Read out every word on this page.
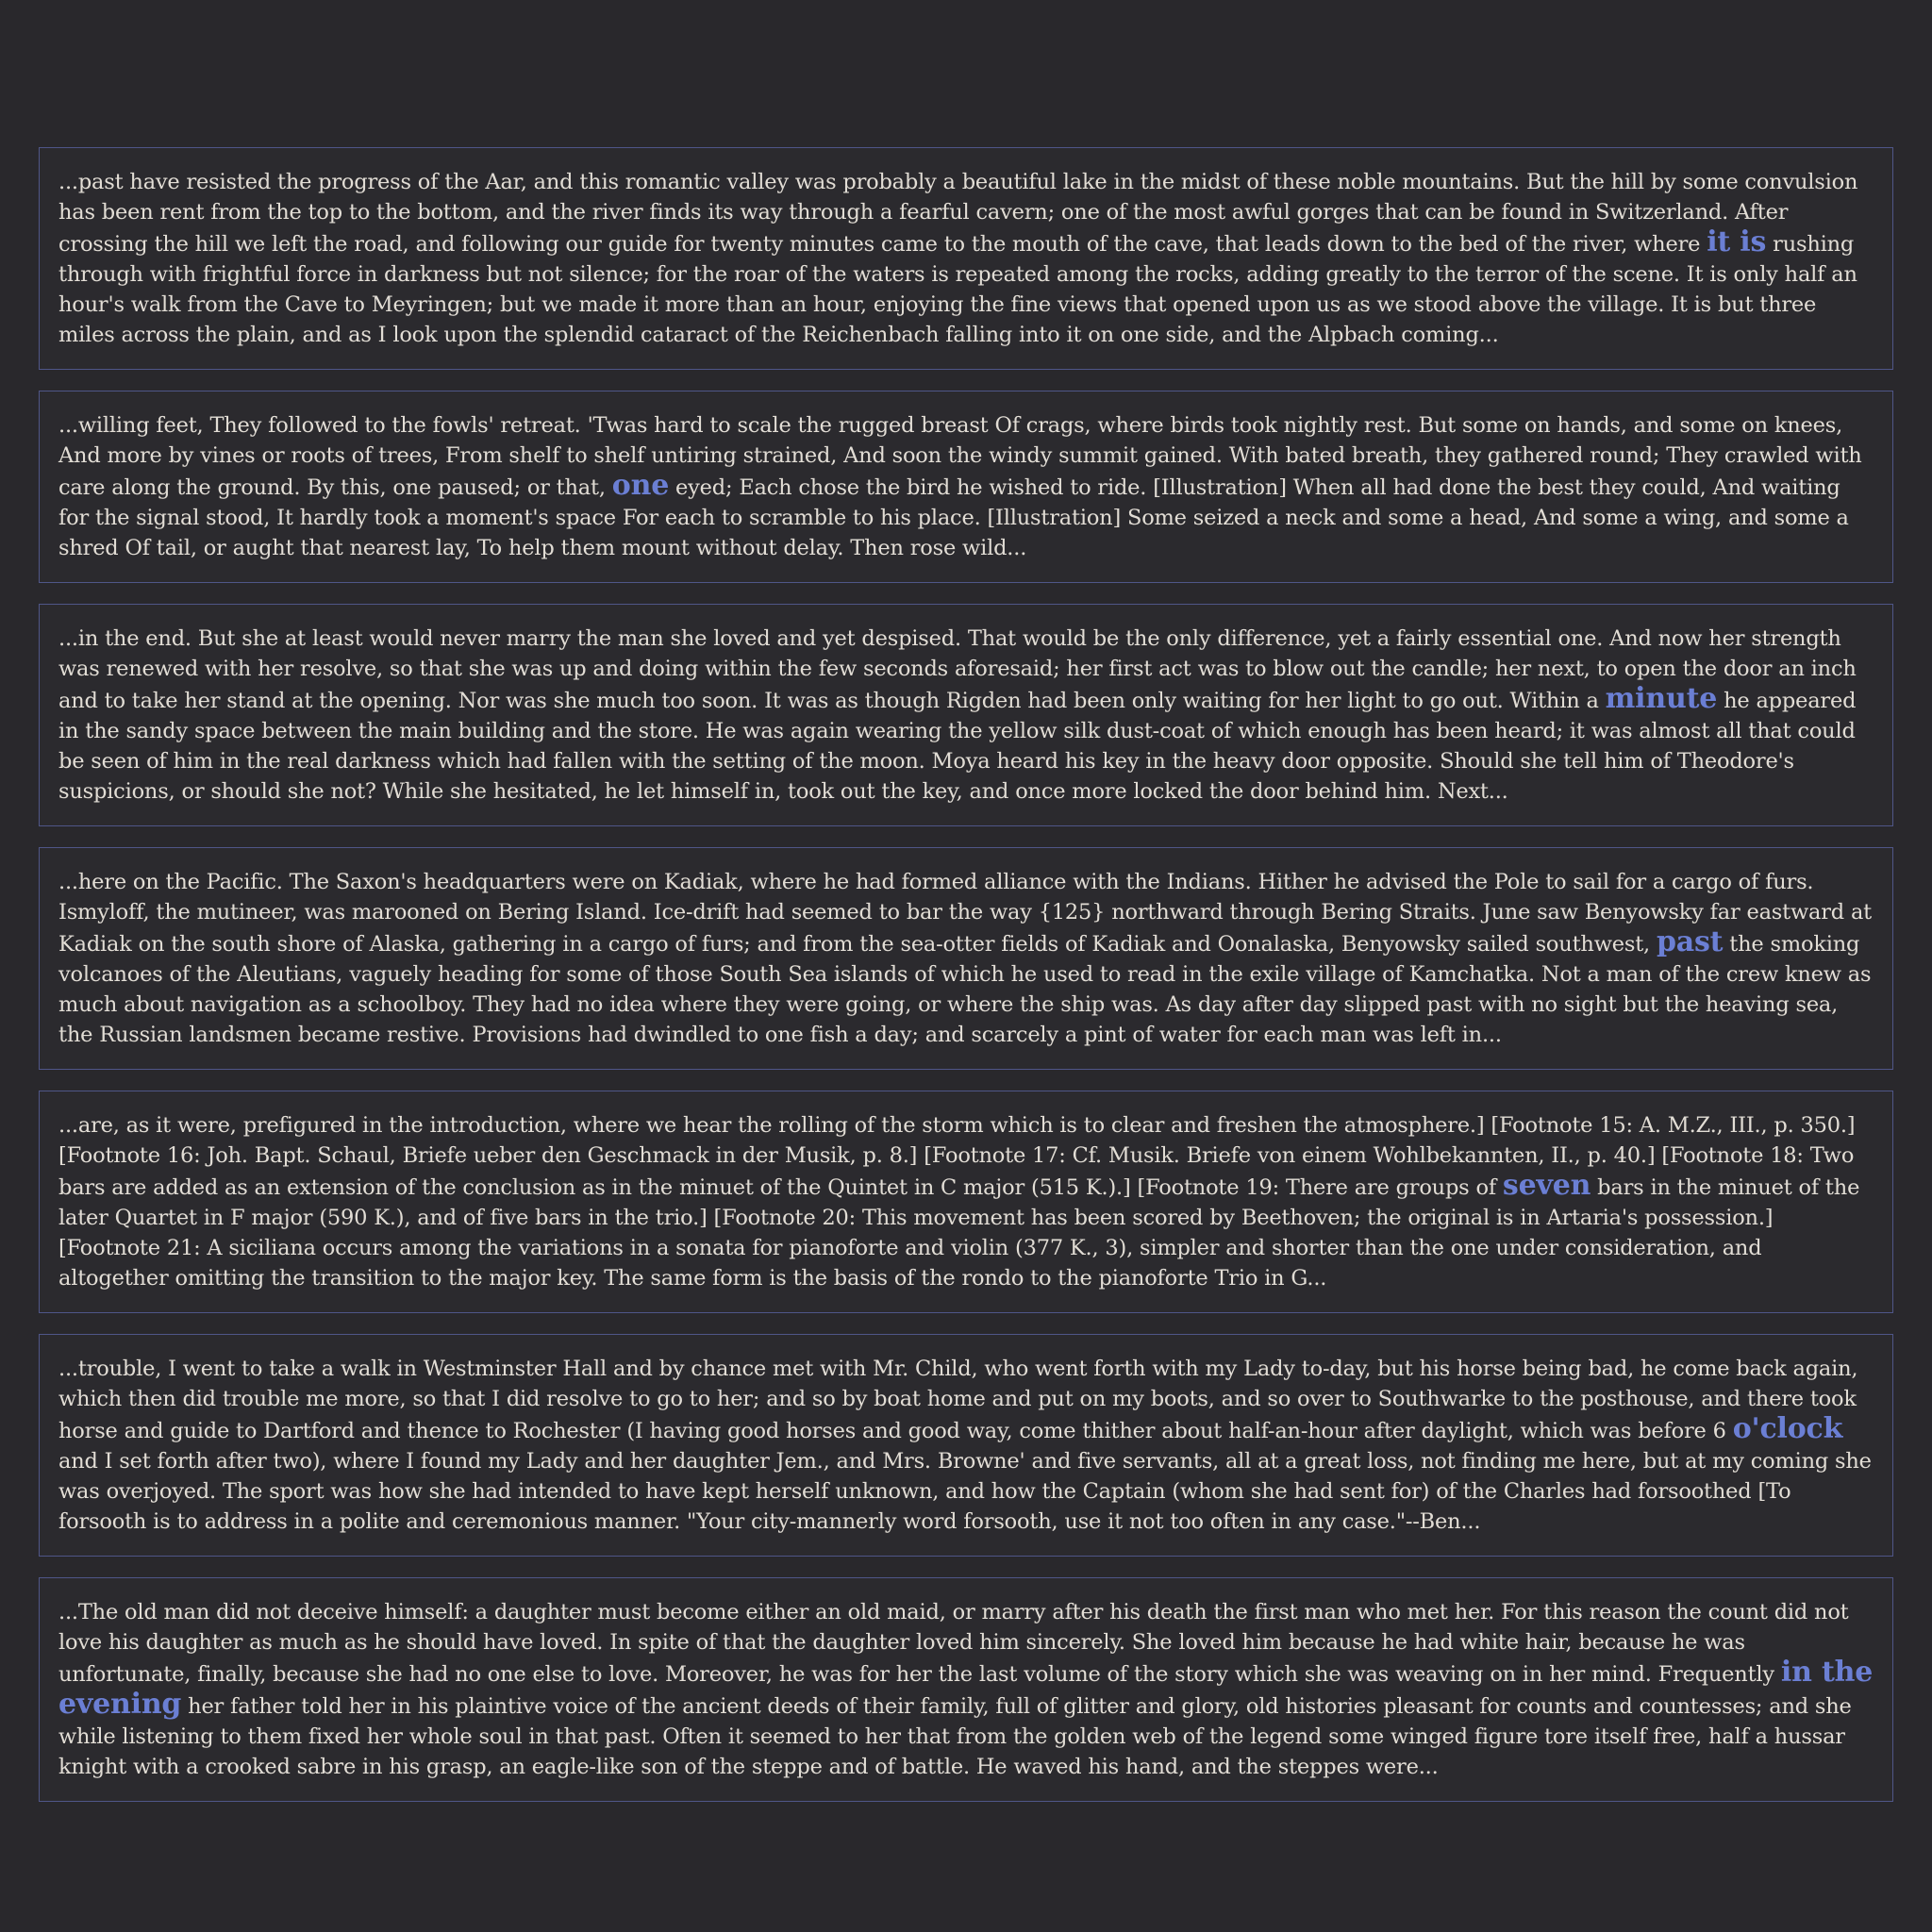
...past have resisted the progress of the Aar, and this romantic valley was probably a beautiful lake in the midst of these noble mountains. But the hill by some convulsion has been rent from the top to the bottom, and the river finds its way through a fearful cavern; one of the most awful gorges that can be found in Switzerland. After crossing the hill we left the road, and following our guide for twenty minutes came to the mouth of the cave, that leads down to the bed of the river, where it is rushing through with frightful force in darkness but not silence; for the roar of the waters is repeated among the rocks, adding greatly to the terror of the scene. It is only half an hour's walk from the Cave to Meyringen; but we made it more than an hour, enjoying the fine views that opened upon us as we stood above the village. It is but three miles across the plain, and as I look upon the splendid cataract of the Reichenbach falling into it on one side, and the Alpbach coming...
...willing feet, They followed to the fowls' retreat. 'Twas hard to scale the rugged breast Of crags, where birds took nightly rest. But some on hands, and some on knees, And more by vines or roots of trees, From shelf to shelf untiring strained, And soon the windy summit gained. With bated breath, they gathered round; They crawled with care along the ground. By this, one paused; or that, one eyed; Each chose the bird he wished to ride. [Illustration] When all had done the best they could, And waiting for the signal stood, It hardly took a moment's space For each to scramble to his place. [Illustration] Some seized a neck and some a head, And some a wing, and some a shred Of tail, or aught that nearest lay, To help them mount without delay. Then rose wild...
...in the end. But she at least would never marry the man she loved and yet despised. That would be the only difference, yet a fairly essential one. And now her strength was renewed with her resolve, so that she was up and doing within the few seconds aforesaid; her first act was to blow out the candle; her next, to open the door an inch and to take her stand at the opening. Nor was she much too soon. It was as though Rigden had been only waiting for her light to go out. Within a minute he appeared in the sandy space between the main building and the store. He was again wearing the yellow silk dust-coat of which enough has been heard; it was almost all that could be seen of him in the real darkness which had fallen with the setting of the moon. Moya heard his key in the heavy door opposite. Should she tell him of Theodore's suspicions, or should she not? While she hesitated, he let himself in, took out the key, and once more locked the door behind him. Next...
...here on the Pacific. The Saxon's headquarters were on Kadiak, where he had formed alliance with the Indians. Hither he advised the Pole to sail for a cargo of furs. Ismyloff, the mutineer, was marooned on Bering Island. Ice-drift had seemed to bar the way {125} northward through Bering Straits. June saw Benyowsky far eastward at Kadiak on the south shore of Alaska, gathering in a cargo of furs; and from the sea-otter fields of Kadiak and Oonalaska, Benyowsky sailed southwest, past the smoking volcanoes of the Aleutians, vaguely heading for some of those South Sea islands of which he used to read in the exile village of Kamchatka. Not a man of the crew knew as much about navigation as a schoolboy. They had no idea where they were going, or where the ship was. As day after day slipped past with no sight but the heaving sea, the Russian landsmen became restive. Provisions had dwindled to one fish a day; and scarcely a pint of water for each man was left in...
...are, as it were, prefigured in the introduction, where we hear the rolling of the storm which is to clear and freshen the atmosphere.] [Footnote 15: A. M.Z., III., p. 350.] [Footnote 16: Joh. Bapt. Schaul, Briefe ueber den Geschmack in der Musik, p. 8.] [Footnote 17: Cf. Musik. Briefe von einem Wohlbekannten, II., p. 40.] [Footnote 18: Two bars are added as an extension of the conclusion as in the minuet of the Quintet in C major (515 K.).] [Footnote 19: There are groups of seven bars in the minuet of the later Quartet in F major (590 K.), and of five bars in the trio.] [Footnote 20: This movement has been scored by Beethoven; the original is in Artaria's possession.] [Footnote 21: A siciliana occurs among the variations in a sonata for pianoforte and violin (377 K., 3), simpler and shorter than the one under consideration, and altogether omitting the transition to the major key. The same form is the basis of the rondo to the pianoforte Trio in G...
...trouble, I went to take a walk in Westminster Hall and by chance met with Mr. Child, who went forth with my Lady to-day, but his horse being bad, he come back again, which then did trouble me more, so that I did resolve to go to her; and so by boat home and put on my boots, and so over to Southwarke to the posthouse, and there took horse and guide to Dartford and thence to Rochester (I having good horses and good way, come thither about half-an-hour after daylight, which was before 6 o'clock and I set forth after two), where I found my Lady and her daughter Jem., and Mrs. Browne' and five servants, all at a great loss, not finding me here, but at my coming she was overjoyed. The sport was how she had intended to have kept herself unknown, and how the Captain (whom she had sent for) of the Charles had forsoothed [To forsooth is to address in a polite and ceremonious manner. "Your city-mannerly word forsooth, use it not too often in any case."--Ben...
...The old man did not deceive himself: a daughter must become either an old maid, or marry after his death the first man who met her. For this reason the count did not love his daughter as much as he should have loved. In spite of that the daughter loved him sincerely. She loved him because he had white hair, because he was unfortunate, finally, because she had no one else to love. Moreover, he was for her the last volume of the story which she was weaving on in her mind. Frequently in the evening her father told her in his plaintive voice of the ancient deeds of their family, full of glitter and glory, old histories pleasant for counts and countesses; and she while listening to them fixed her whole soul in that past. Often it seemed to her that from the golden web of the legend some winged figure tore itself free, half a hussar knight with a crooked sabre in his grasp, an eagle-like son of the steppe and of battle. He waved his hand, and the steppes were...
